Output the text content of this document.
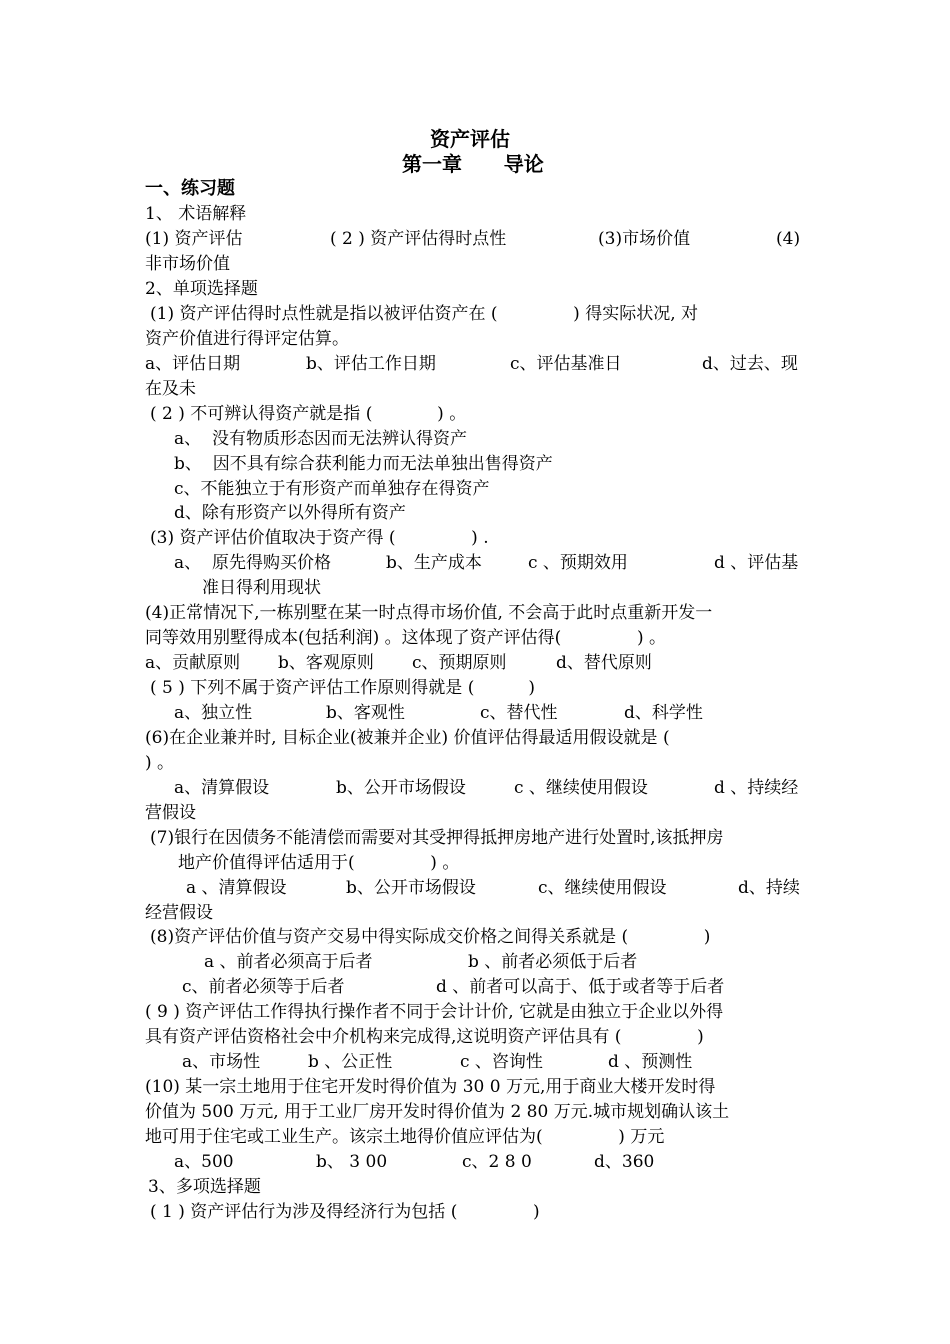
资产评估
第一章      导论
一、练习题
1、 术语解释
(1) 资产评估	( 2 ) 资产评估得时点性	(3)市场价值	(4)
非市场价值
2、单项选择题
(1) 资产评估得时点性就是指以被评估资产在 (              ) 得实际状况, 对
资产价值进行得评定估算。
a、评估日期	b、评估工作日期	c、评估基准日	d、过去、现
在及未
( 2 ) 不可辨认得资产就是指 (            ) 。
a、  没有物质形态因而无法辨认得资产
b、  因不具有综合获利能力而无法单独出售得资产
c、不能独立于有形资产而单独存在得资产
d、除有形资产以外得所有资产
(3) 资产评估价值取决于资产得 (              ) .
a、  原先得购买价格	b、生产成本	c 、预期效用	d 、评估基
准日得利用现状
(4)正常情况下,一栋别墅在某一时点得市场价值, 不会高于此时点重新开发一
同等效用别墅得成本(包括利润) 。这体现了资产评估得(              ) 。
a、贡献原则 b、客观原则 c、预期原则	d、替代原则
( 5 ) 下列不属于资产评估工作原则得就是 (          )
a、独立性	b、客观性	c、替代性	d、科学性
(6)在企业兼并时, 目标企业(被兼并企业) 价值评估得最适用假设就是 (
) 。
a、清算假设	b、公开市场假设	c 、继续使用假设	d 、持续经
营假设
(7)银行在因债务不能清偿而需要对其受押得抵押房地产进行处置时,该抵押房
地产价值得评估适用于(              ) 。
a 、清算假设	b、公开市场假设	c、继续使用假设	d、持续
经营假设
(8)资产评估价值与资产交易中得实际成交价格之间得关系就是 (              )
a 、前者必须高于后者	b 、前者必须低于后者
c、前者必须等于后者	d 、前者可以高于、低于或者等于后者
( 9 ) 资产评估工作得执行操作者不同于会计计价, 它就是由独立于企业以外得
具有资产评估资格社会中介机构来完成得,这说明资产评估具有 (              )
a、市场性	b 、公正性	c 、咨询性	d 、预测性
(10) 某一宗土地用于住宅开发时得价值为 30 0 万元,用于商业大楼开发时得
价值为 500 万元, 用于工业厂房开发时得价值为 2 80 万元.城市规划确认该土
地可用于住宅或工业生产。该宗土地得价值应评估为(              ) 万元
a、500	b、 3 00	c、2 8 0	d、360
3、多项选择题
( 1 ) 资产评估行为涉及得经济行为包括 (              )
